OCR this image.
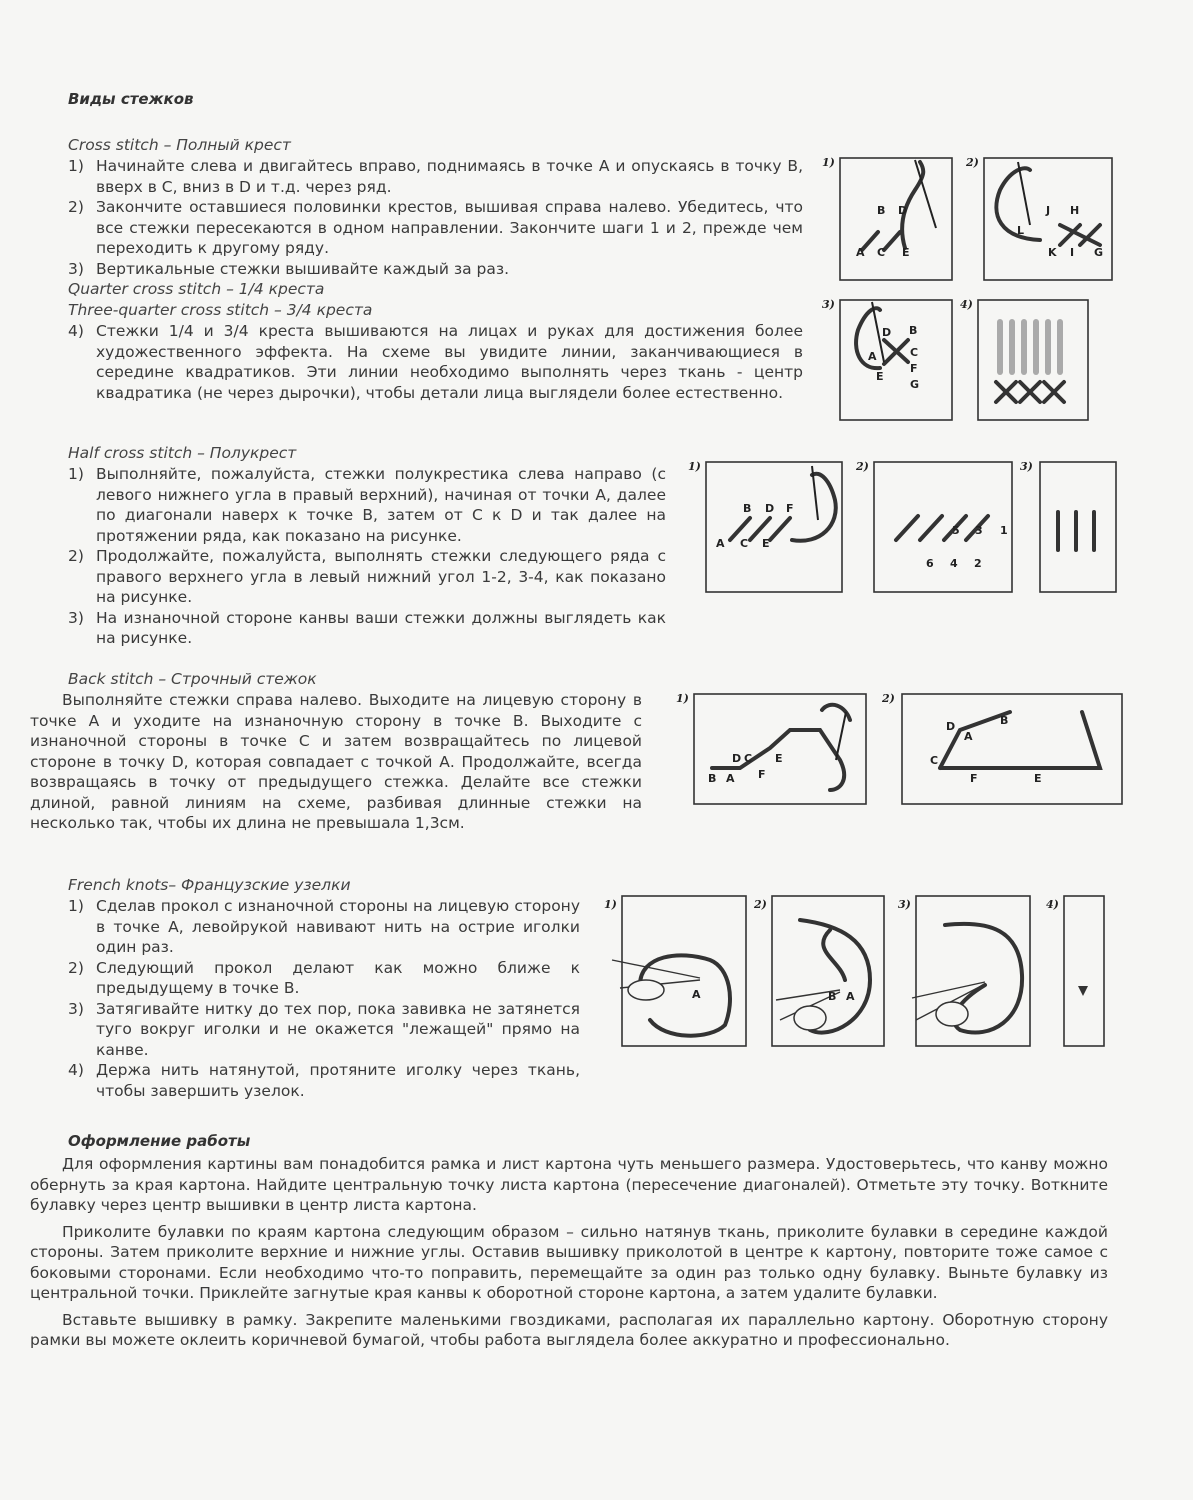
Виды стежков
Cross stitch – Полный крест
1) Начинайте слева и двигайтесь вправо, поднимаясь в точке А и опускаясь в точку В, вверх в С, вниз в D и т.д. через ряд.
2) Закончите оставшиеся половинки крестов, вышивая справа налево. Убедитесь, что все стежки пересекаются в одном направлении. Закончите шаги 1 и 2, прежде чем переходить к другому ряду.
3) Вертикальные стежки вышивайте каждый за раз.
Quarter cross stitch – 1/4 креста
Three-quarter cross stitch – 3/4 креста
4) Стежки 1/4 и 3/4 креста вышиваются на лицах и руках для достижения более художественного эффекта. На схеме вы увидите линии, заканчивающиеся в середине квадратиков. Эти линии необходимо выполнять через ткань - центр квадратика (не через дырочки), чтобы детали лица выглядели более естественно.
Half cross stitch – Полукрест
1) Выполняйте, пожалуйста, стежки полукрестика слева направо (с левого нижнего угла в правый верхний), начиная от точки А, далее по диагонали наверх к точке В, затем от С к D и так далее на протяжении ряда, как показано на рисунке.
2) Продолжайте, пожалуйста, выполнять стежки следующего ряда с правого верхнего угла в левый нижний угол 1-2, 3-4, как показано на рисунке.
3) На изнаночной стороне канвы ваши стежки должны выглядеть как на рисунке.
Back stitch – Строчный стежок

Выполняйте стежки справа налево. Выходите на лицевую сторону в точке А и уходите на изнаночную сторону в точке В. Выходите с изнаночной стороны в точке С и затем возвращайтесь по лицевой стороне в точку D, которая совпадает с точкой А. Продолжайте, всегда возвращаясь в точку от предыдущего стежка. Делайте все стежки длиной, равной линиям на схеме, разбивая длинные стежки на несколько так, чтобы их длина не превышала 1,3см.

French knots– Французские узелки
1) Сделав прокол с изнаночной стороны на лицевую сторону в точке А, левойрукой навивают нить на острие иголки один раз.
2) Следующий прокол делают как можно ближе к предыдущему в точке В.
3) Затягивайте нитку до тех пор, пока завивка не затянется туго вокруг иголки и не окажется "лежащей" прямо на канве.
4) Держа нить натянутой, протяните иголку через ткань, чтобы завершить узелок.
Оформление работы

Для оформления картины вам понадобится рамка и лист картона чуть меньшего размера. Удостоверьтесь, что канву можно обернуть за края картона. Найдите центральную точку листа картона (пересечение диагоналей). Отметьте эту точку. Воткните булавку через центр вышивки в центр листа картона.

Приколите булавки по краям картона следующим образом – сильно натянув ткань, приколите булавки в середине каждой стороны. Затем приколите верхние и нижние углы. Оставив вышивку приколотой в центре к картону, повторите тоже самое с боковыми сторонами. Если необходимо что-то поправить, перемещайте за один раз только одну булавку. Выньте булавку из центральной точки. Приклейте загнутые края канвы к оборотной стороне картона, а затем удалите булавки.

Вставьте вышивку в рамку. Закрепите маленькими гвоздиками, располагая их параллельно картону. Оборотную сторону рамки вы можете оклеить коричневой бумагой, чтобы работа выглядела более аккуратно и профессионально.

1)
B D
A C E
2)
J H
L
K I G
3)
D B
A	C
E
F
G
4)
1)
B D F
A C E
2)
5 3 1
6 4 2
3)
1)
D C E
B A F
2)
D	B
A
C
F	E
1)
A
2)
B A
3)	4)
